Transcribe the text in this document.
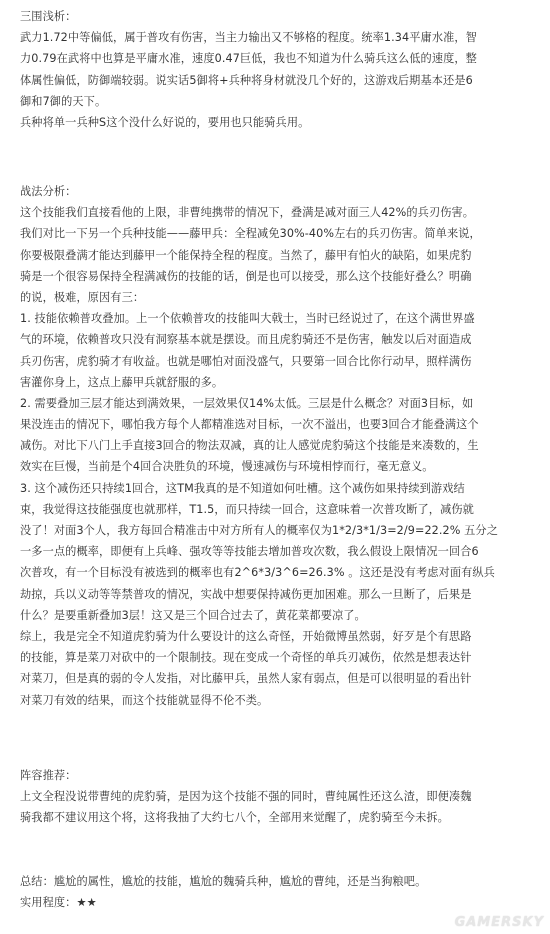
三围浅析：
武力1.72中等偏低，属于普攻有伤害，当主力输出又不够格的程度。统率1.34平庸水准，智
力0.79在武将中也算是平庸水准，速度0.47巨低，我也不知道为什么骑兵这么低的速度，整
体属性偏低，防御端较弱。说实话5御将+兵种将身材就没几个好的，这游戏后期基本还是6
御和7御的天下。
兵种将单一兵种S这个没什么好说的，要用也只能骑兵用。
战法分析：
这个技能我们直接看他的上限，非曹纯携带的情况下，叠满是减对面三人42%的兵刃伤害。
我们对比一下另一个兵种技能——藤甲兵：全程减免30%-40%左右的兵刃伤害。简单来说，
你要极限叠满才能达到藤甲一个能保持全程的程度。当然了，藤甲有怕火的缺陷，如果虎豹
骑是一个很容易保持全程满减伤的技能的话，倒是也可以接受，那么这个技能好叠么？明确
的说，极难，原因有三：
1. 技能依赖普攻叠加。上一个依赖普攻的技能叫大戟士，当时已经说过了，在这个满世界盛
气的环境，依赖普攻只没有洞察基本就是摆设。而且虎豹骑还不是伤害，触发以后对面造成
兵刃伤害，虎豹骑才有收益。也就是哪怕对面没盛气，只要第一回合比你行动早，照样满伤
害灌你身上，这点上藤甲兵就舒服的多。
2. 需要叠加三层才能达到满效果，一层效果仅14%太低。三层是什么概念？对面3目标，如
果没连击的情况下，哪怕我方每个人都精准选对目标，一次不溢出，也要3回合才能叠满这个
减伤。对比下八门上手直接3回合的物法双减，真的让人感觉虎豹骑这个技能是来凑数的，生
效实在巨慢，当前是个4回合决胜负的环境，慢速减伤与环境相悖而行，毫无意义。
3. 这个减伤还只持续1回合，这TM我真的是不知道如何吐槽。这个减伤如果持续到游戏结
束，我觉得这技能强度也就那样，T1.5，而只持续一回合，这意味着一次普攻断了，减伤就
没了！对面3个人，我方每回合精准击中对方所有人的概率仅为1*2/3*1/3=2/9=22.2% 五分之
一多一点的概率，即便有上兵峰、强攻等等技能去增加普攻次数，我么假设上限情况一回合6
次普攻，有一个目标没有被选到的概率也有2^6*3/3^6=26.3% 。这还是没有考虑对面有纵兵
劫掠，兵以义动等等禁普攻的情况，实战中想要保持减伤更加困难。那么一旦断了，后果是
什么？是要重新叠加3层！这又是三个回合过去了，黄花菜都要凉了。
综上，我是完全不知道虎豹骑为什么要设计的这么奇怪，开始微博虽然弱，好歹是个有思路
的技能，算是菜刀对砍中的一个限制技。现在变成一个奇怪的单兵刃减伤，依然是想表达针
对菜刀，但是真的弱的令人发指，对比藤甲兵，虽然人家有弱点，但是可以很明显的看出针
对菜刀有效的结果，而这个技能就显得不伦不类。
阵容推荐：
上文全程没说带曹纯的虎豹骑，是因为这个技能不强的同时，曹纯属性还这么渣，即便凑魏
骑我都不建议用这个将，这将我抽了大约七八个，全部用来觉醒了，虎豹骑至今未拆。
总结：尴尬的属性，尴尬的技能，尴尬的魏骑兵种，尴尬的曹纯，还是当狗粮吧。
实用程度：★★
GAMERSKY
